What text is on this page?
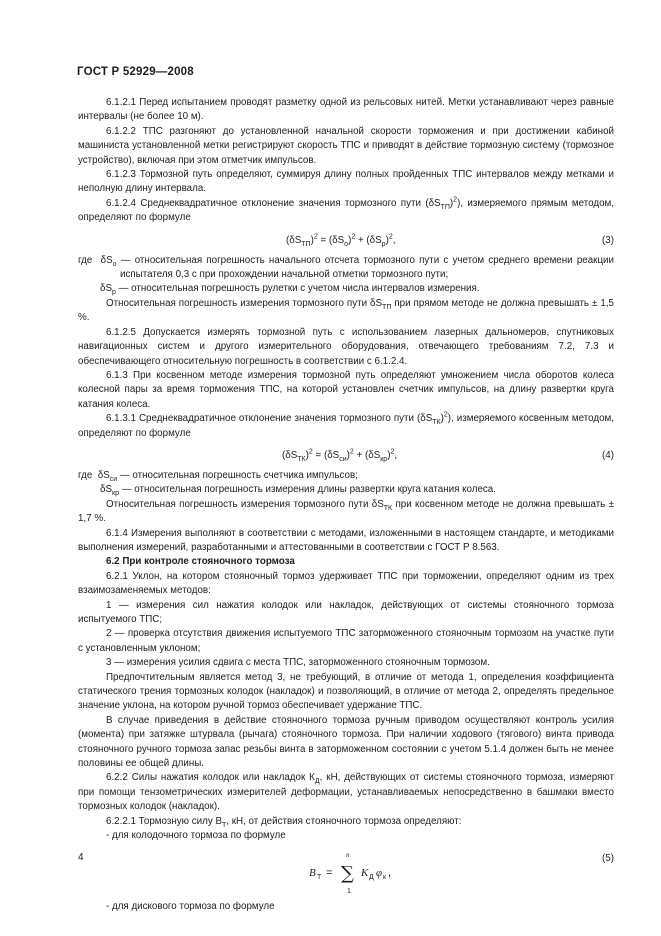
ГОСТ Р 52929—2008

6.1.2.1 Перед испытанием проводят разметку одной из рельсовых нитей. Метки устанавливают через равные интервалы (не более 10 м).

6.1.2.2 ТПС разгоняют до установленной начальной скорости торможения и при достижении кабиной машиниста установленной метки регистрируют скорость ТПС и приводят в действие тормозную систему (тормозное устройство), включая при этом отметчик импульсов.

6.1.2.3 Тормозной путь определяют, суммируя длину полных пройденных ТПС интервалов между метками и неполную длину интервала.

6.1.2.4 Среднеквадратичное отклонение значения тормозного пути $(\delta S_{ТП})^2$), измеряемого прямым методом, определяют по формуле

$(\delta S_{ТП})^2 = (\delta S_о)^2 + (\delta S_р)^2$,	(3)

где  $\delta S_о$ — относительная погрешность начального отсчета тормозного пути с учетом среднего времени реакции испытателя 0,3 с при прохождении начальной отметки тормозного пути;

$\delta S_р$ — относительная погрешность рулетки с учетом числа интервалов измерения.

Относительная погрешность измерения тормозного пути $\delta S_{ТП}$ при прямом методе не должна превышать ± 1,5 %.

6.1.2.5 Допускается измерять тормозной путь с использованием лазерных дальномеров, спутниковых навигационных систем и другого измерительного оборудования, отвечающего требованиям 7.2, 7.3 и обеспечивающего относительную погрешность в соответствии с 6.1.2.4.

6.1.3 При косвенном методе измерения тормозной путь определяют умножением числа оборотов колеса колесной пары за время торможения ТПС, на которой установлен счетчик импульсов, на длину развертки круга катания колеса.

6.1.3.1 Среднеквадратичное отклонение значения тормозного пути $(\delta S_{ТК})^2$), измеряемого косвенным методом, определяют по формуле

$(\delta S_{ТК})^2 = (\delta S_{си})^2 + (\delta S_{кр})^2$,	(4)

где  $\delta S_{си}$ — относительная погрешность счетчика импульсов;

$\delta S_{кр}$ — относительная погрешность измерения длины развертки круга катания колеса.

Относительная погрешность измерения тормозного пути $\delta S_{ТК}$ при косвенном методе не должна превышать ± 1,7 %.

6.1.4 Измерения выполняют в соответствии с методами, изложенными в настоящем стандарте, и методиками выполнения измерений, разработанными и аттестованными в соответствии с ГОСТ Р 8.563.

6.2 При контроле стояночного тормоза

6.2.1 Уклон, на котором стояночный тормоз удерживает ТПС при торможении, определяют одним из трех взаимозаменяемых методов:

1 — измерения сил нажатия колодок или накладок, действующих от системы стояночного тормоза испытуемого ТПС;

2 — проверка отсутствия движения испытуемого ТПС заторможенного стояночным тормозом на участке пути с установленным уклоном;

3 — измерения усилия сдвига с места ТПС, заторможенного стояночным тормозом.

Предпочтительным является метод 3, не требующий, в отличие от метода 1, определения коэффициента статического трения тормозных колодок (накладок) и позволяющий, в отличие от метода 2, определять предельное значение уклона, на котором ручной тормоз обеспечивает удержание ТПС.

В случае приведения в действие стояночного тормоза ручным приводом осуществляют контроль усилия (момента) при затяжке штурвала (рычага) стояночного тормоза. При наличии ходового (тягового) винта привода стояночного ручного тормоза запас резьбы винта в заторможенном состоянии с учетом 5.1.4 должен быть не менее половины ее общей длины.

6.2.2 Силы нажатия колодок или накладок $К_Д$, кН, действующих от системы стояночного тормоза, измеряют при помощи тензометрических измерителей деформации, устанавливаемых непосредственно в башмаки вместо тормозных колодок (накладок).

6.2.2.1 Тормозную силу $В_Т$, кН, от действия стояночного тормоза определяют:

- для колодочного тормоза по формуле

B Т =
n
∑
1
K Д φ к ,
(5)

- для дискового тормоза по формуле

4
